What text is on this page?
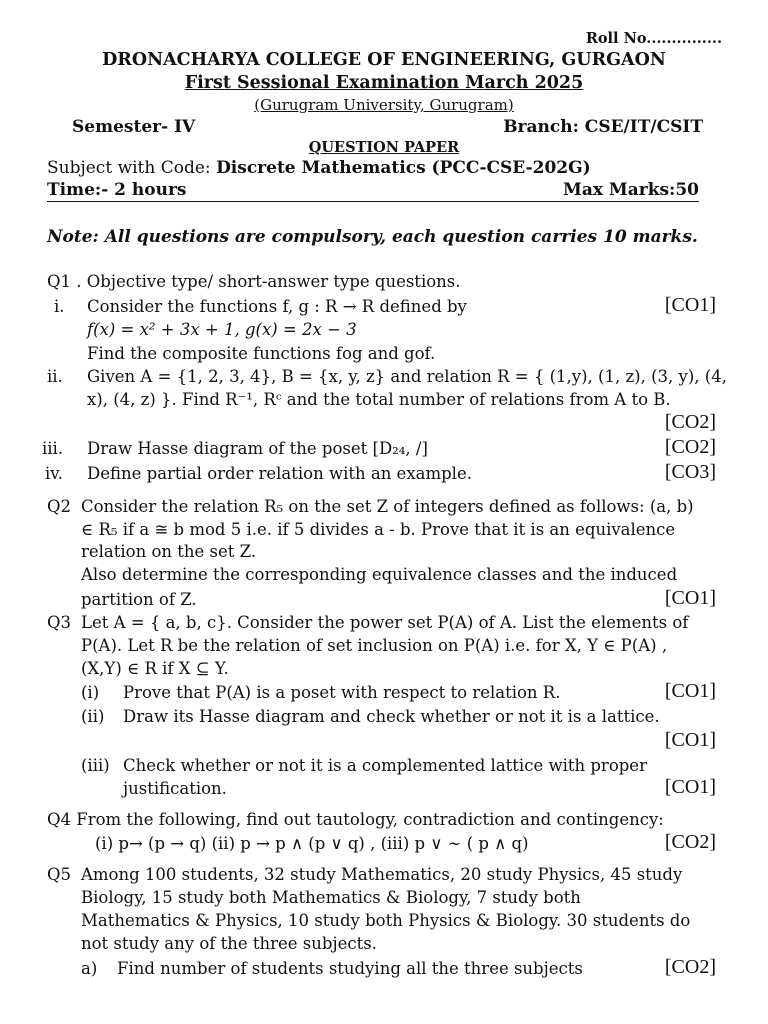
Roll No...............
DRONACHARYA COLLEGE OF ENGINEERING, GURGAON
First Sessional Examination March 2025
(Gurugram University, Gurugram)
Semester- IV	Branch: CSE/IT/CSIT
QUESTION PAPER
Subject with Code: Discrete Mathematics (PCC-CSE-202G)
Time:- 2 hours	Max Marks:50
Note: All questions are compulsory, each question carries 10 marks.
Q1 . Objective type/ short-answer type questions.
i. Consider the functions f, g : R → R defined by	[CO1]
f(x) = x² + 3x + 1, g(x) = 2x − 3
Find the composite functions fog and gof.
ii. Given A = {1, 2, 3, 4}, B = {x, y, z} and relation R = { (1,y), (1, z), (3, y), (4,
x), (4, z) }. Find R⁻¹, Rᶜ and the total number of relations from A to B.
[CO2]
iii. Draw Hasse diagram of the poset [D₂₄, /]	[CO2]
iv. Define partial order relation with an example.	[CO3]
Q2 Consider the relation R₅ on the set Z of integers defined as follows: (a, b)
∈ R₅ if a ≅ b mod 5 i.e. if 5 divides a - b. Prove that it is an equivalence
relation on the set Z.
Also determine the corresponding equivalence classes and the induced
partition of Z.	[CO1]
Q3 Let A = { a, b, c}. Consider the power set P(A) of A. List the elements of
P(A). Let R be the relation of set inclusion on P(A) i.e. for X, Y ∈ P(A) ,
(X,Y) ∈ R if X ⊆ Y.
(i) Prove that P(A) is a poset with respect to relation R.	[CO1]
(ii) Draw its Hasse diagram and check whether or not it is a lattice.
[CO1]
(iii) Check whether or not it is a complemented lattice with proper
justification.	[CO1]
Q4 From the following, find out tautology, contradiction and contingency:
(i) p→ (p → q) (ii) p → p ∧ (p ∨ q) , (iii) p ∨ ∼ ( p ∧ q)	[CO2]
Q5 Among 100 students, 32 study Mathematics, 20 study Physics, 45 study
Biology, 15 study both Mathematics & Biology, 7 study both
Mathematics & Physics, 10 study both Physics & Biology. 30 students do
not study any of the three subjects.
a) Find number of students studying all the three subjects	[CO2]
